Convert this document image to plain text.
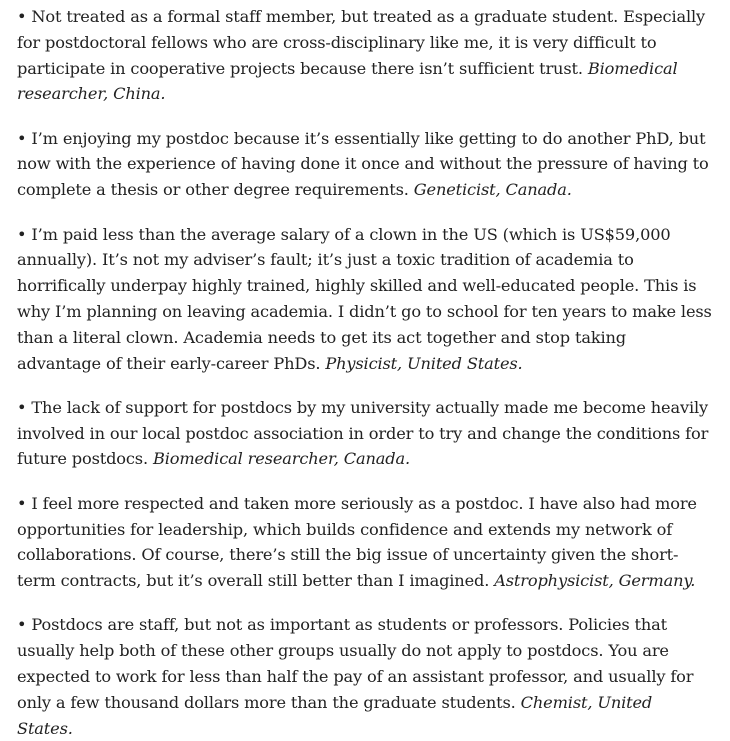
• Not treated as a formal staff member, but treated as a graduate student. Especially for postdoctoral fellows who are cross-disciplinary like me, it is very difficult to participate in cooperative projects because there isn’t sufficient trust. Biomedical researcher, China.

• I’m enjoying my postdoc because it’s essentially like getting to do another PhD, but now with the experience of having done it once and without the pressure of having to complete a thesis or other degree requirements. Geneticist, Canada.

• I’m paid less than the average salary of a clown in the US (which is US$59,000 annually). It’s not my adviser’s fault; it’s just a toxic tradition of academia to horrifically underpay highly trained, highly skilled and well-educated people. This is why I’m planning on leaving academia. I didn’t go to school for ten years to make less than a literal clown. Academia needs to get its act together and stop taking advantage of their early-career PhDs. Physicist, United States.

• The lack of support for postdocs by my university actually made me become heavily involved in our local postdoc association in order to try and change the conditions for future postdocs. Biomedical researcher, Canada.

• I feel more respected and taken more seriously as a postdoc. I have also had more opportunities for leadership, which builds confidence and extends my network of collaborations. Of course, there’s still the big issue of uncertainty given the short-term contracts, but it’s overall still better than I imagined. Astrophysicist, Germany.

• Postdocs are staff, but not as important as students or professors. Policies that usually help both of these other groups usually do not apply to postdocs. You are expected to work for less than half the pay of an assistant professor, and usually for only a few thousand dollars more than the graduate students. Chemist, United States.
